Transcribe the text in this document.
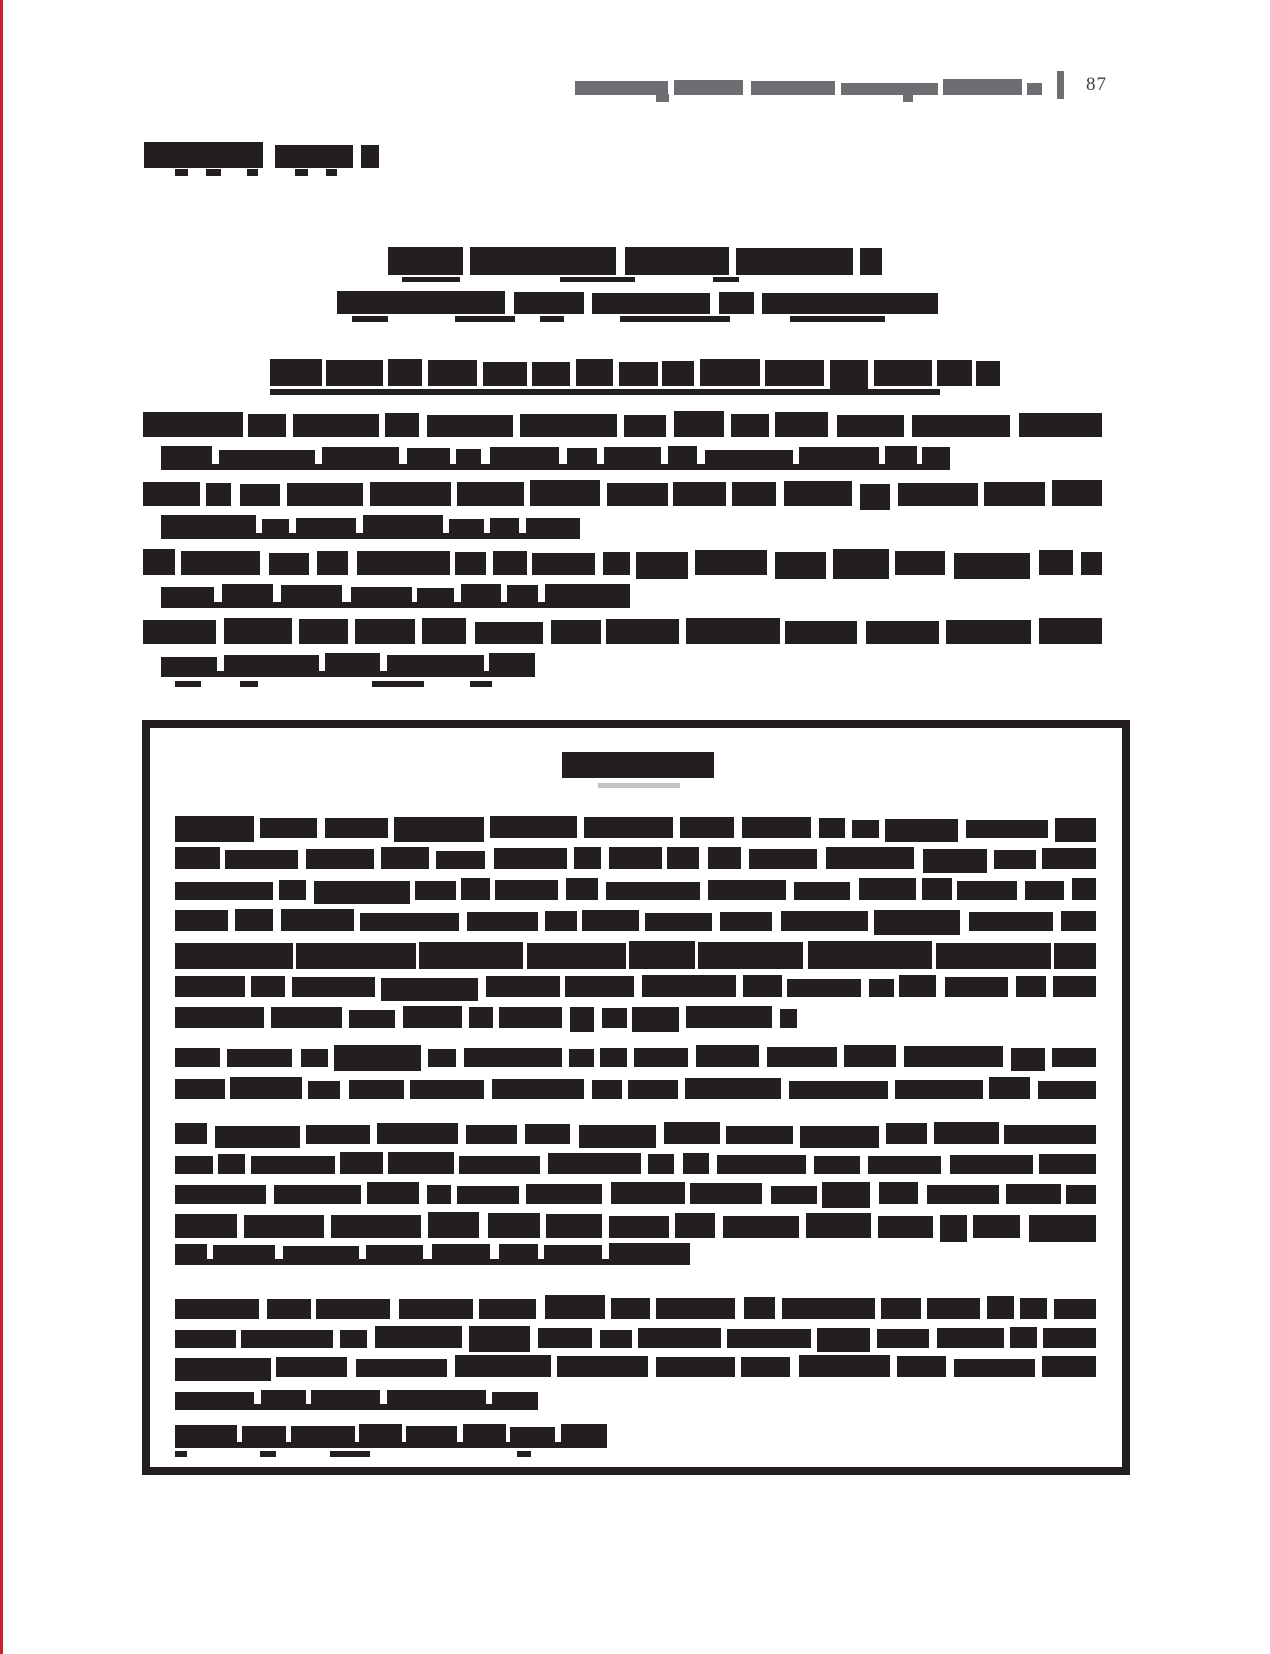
87
